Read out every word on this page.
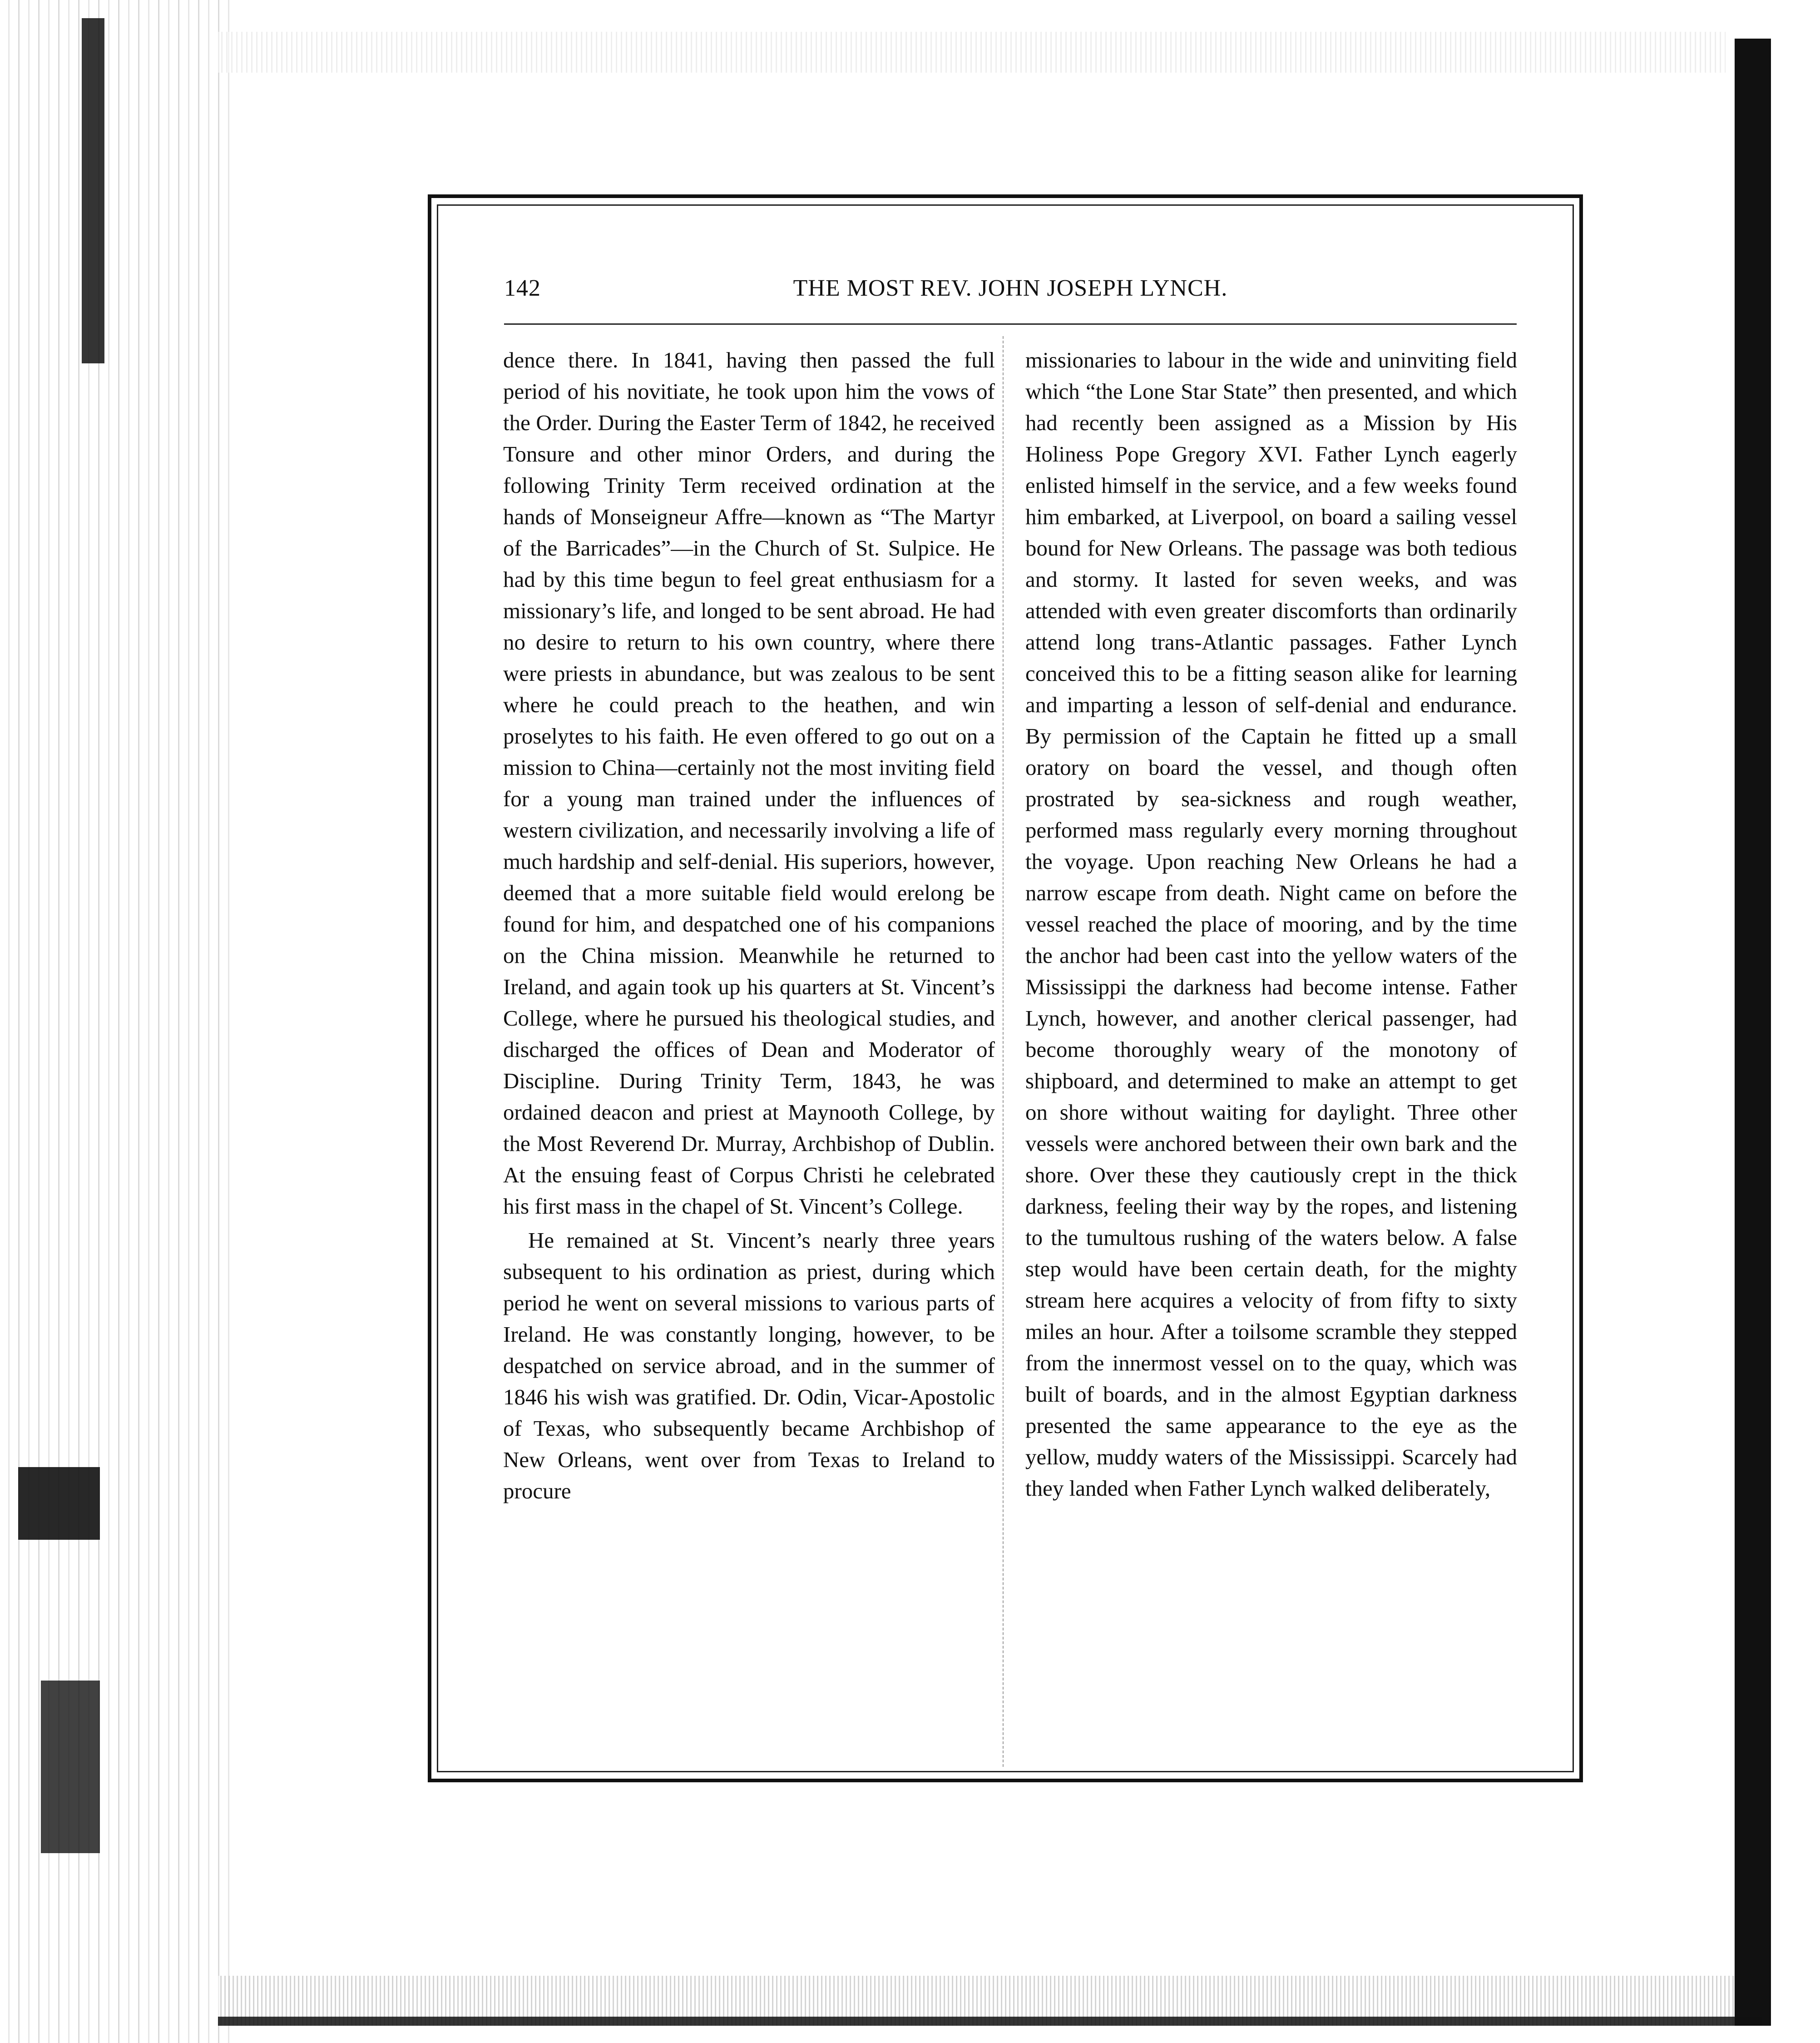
142	THE MOST REV. JOHN JOSEPH LYNCH.

dence there. In 1841, having then passed the full period of his novitiate, he took upon him the vows of the Order. During the Easter Term of 1842, he received Tonsure and other minor Orders, and during the following Trinity Term received ordination at the hands of Monseigneur Affre—known as “The Martyr of the Barricades”—in the Church of St. Sulpice. He had by this time begun to feel great enthusiasm for a missionary’s life, and longed to be sent abroad. He had no desire to return to his own country, where there were priests in abundance, but was zealous to be sent where he could preach to the heathen, and win proselytes to his faith. He even offered to go out on a mission to China—certainly not the most inviting field for a young man trained under the influences of western civilization, and necessarily involving a life of much hardship and self-denial. His superiors, however, deemed that a more suitable field would erelong be found for him, and despatched one of his companions on the China mission. Meanwhile he returned to Ireland, and again took up his quarters at St. Vincent’s College, where he pursued his theological studies, and discharged the offices of Dean and Moderator of Discipline. During Trinity Term, 1843, he was ordained deacon and priest at Maynooth College, by the Most Reverend Dr. Murray, Archbishop of Dublin. At the ensuing feast of Corpus Christi he celebrated his first mass in the chapel of St. Vincent’s College.

He remained at St. Vincent’s nearly three years subsequent to his ordination as priest, during which period he went on several missions to various parts of Ireland. He was constantly longing, however, to be despatched on service abroad, and in the summer of 1846 his wish was gratified. Dr. Odin, Vicar-Apostolic of Texas, who subsequently became Archbishop of New Orleans, went over from Texas to Ireland to procure

missionaries to labour in the wide and uninviting field which “the Lone Star State” then presented, and which had recently been assigned as a Mission by His Holiness Pope Gregory XVI. Father Lynch eagerly enlisted himself in the service, and a few weeks found him embarked, at Liverpool, on board a sailing vessel bound for New Orleans. The passage was both tedious and stormy. It lasted for seven weeks, and was attended with even greater discomforts than ordinarily attend long trans-Atlantic passages. Father Lynch conceived this to be a fitting season alike for learning and imparting a lesson of self-denial and endurance. By permission of the Captain he fitted up a small oratory on board the vessel, and though often prostrated by sea-sickness and rough weather, performed mass regularly every morning throughout the voyage. Upon reaching New Orleans he had a narrow escape from death. Night came on before the vessel reached the place of mooring, and by the time the anchor had been cast into the yellow waters of the Mississippi the darkness had become intense. Father Lynch, however, and another clerical passenger, had become thoroughly weary of the monotony of shipboard, and determined to make an attempt to get on shore without waiting for daylight. Three other vessels were anchored between their own bark and the shore. Over these they cautiously crept in the thick darkness, feeling their way by the ropes, and listening to the tumultous rushing of the waters below. A false step would have been certain death, for the mighty stream here acquires a velocity of from fifty to sixty miles an hour. After a toilsome scramble they stepped from the innermost vessel on to the quay, which was built of boards, and in the almost Egyptian darkness presented the same appearance to the eye as the yellow, muddy waters of the Mississippi. Scarcely had they landed when Father Lynch walked deliberately,
